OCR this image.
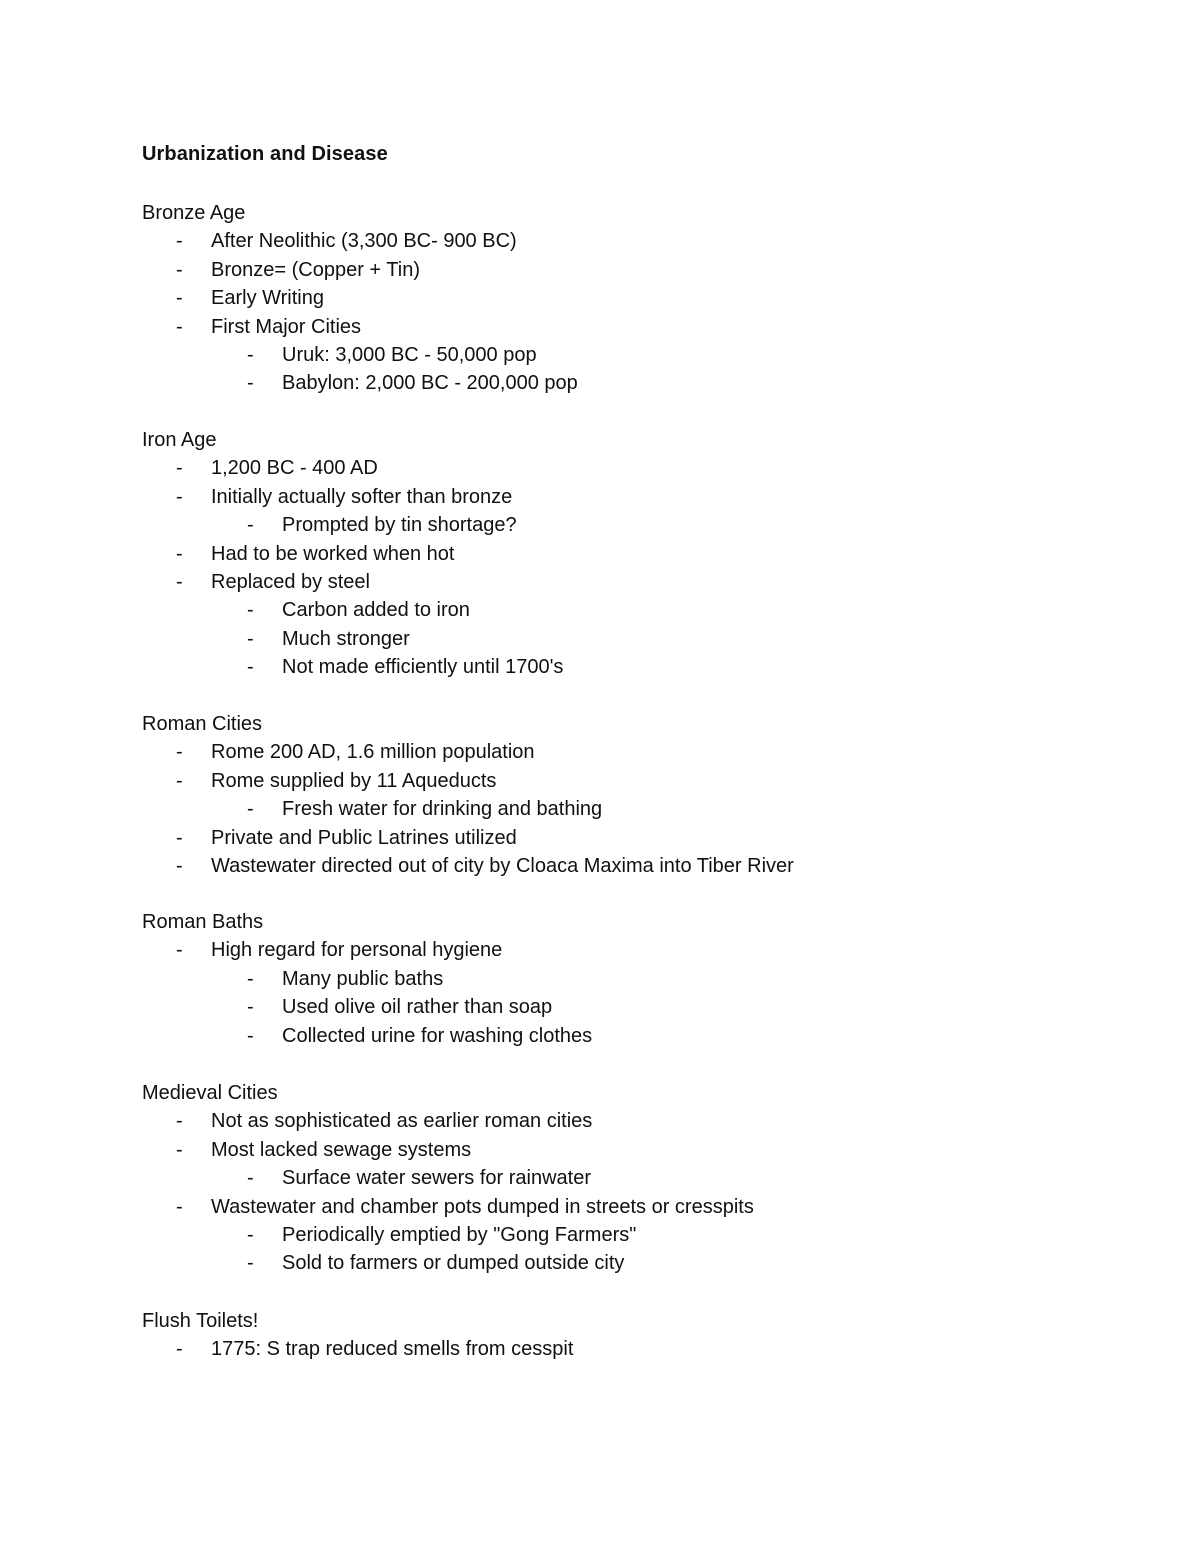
Urbanization and Disease
Bronze Age
- After Neolithic (3,300 BC- 900 BC)
- Bronze= (Copper + Tin)
- Early Writing
- First Major Cities
- Uruk: 3,000 BC - 50,000 pop
- Babylon: 2,000 BC - 200,000 pop
Iron Age
- 1,200 BC - 400 AD
- Initially actually softer than bronze
- Prompted by tin shortage?
- Had to be worked when hot
- Replaced by steel
- Carbon added to iron
- Much stronger
- Not made efficiently until 1700's
Roman Cities
- Rome 200 AD, 1.6 million population
- Rome supplied by 11 Aqueducts
- Fresh water for drinking and bathing
- Private and Public Latrines utilized
- Wastewater directed out of city by Cloaca Maxima into Tiber River
Roman Baths
- High regard for personal hygiene
- Many public baths
- Used olive oil rather than soap
- Collected urine for washing clothes
Medieval Cities
- Not as sophisticated as earlier roman cities
- Most lacked sewage systems
- Surface water sewers for rainwater
- Wastewater and chamber pots dumped in streets or cresspits
- Periodically emptied by "Gong Farmers"
- Sold to farmers or dumped outside city
Flush Toilets!
- 1775: S trap reduced smells from cesspit
